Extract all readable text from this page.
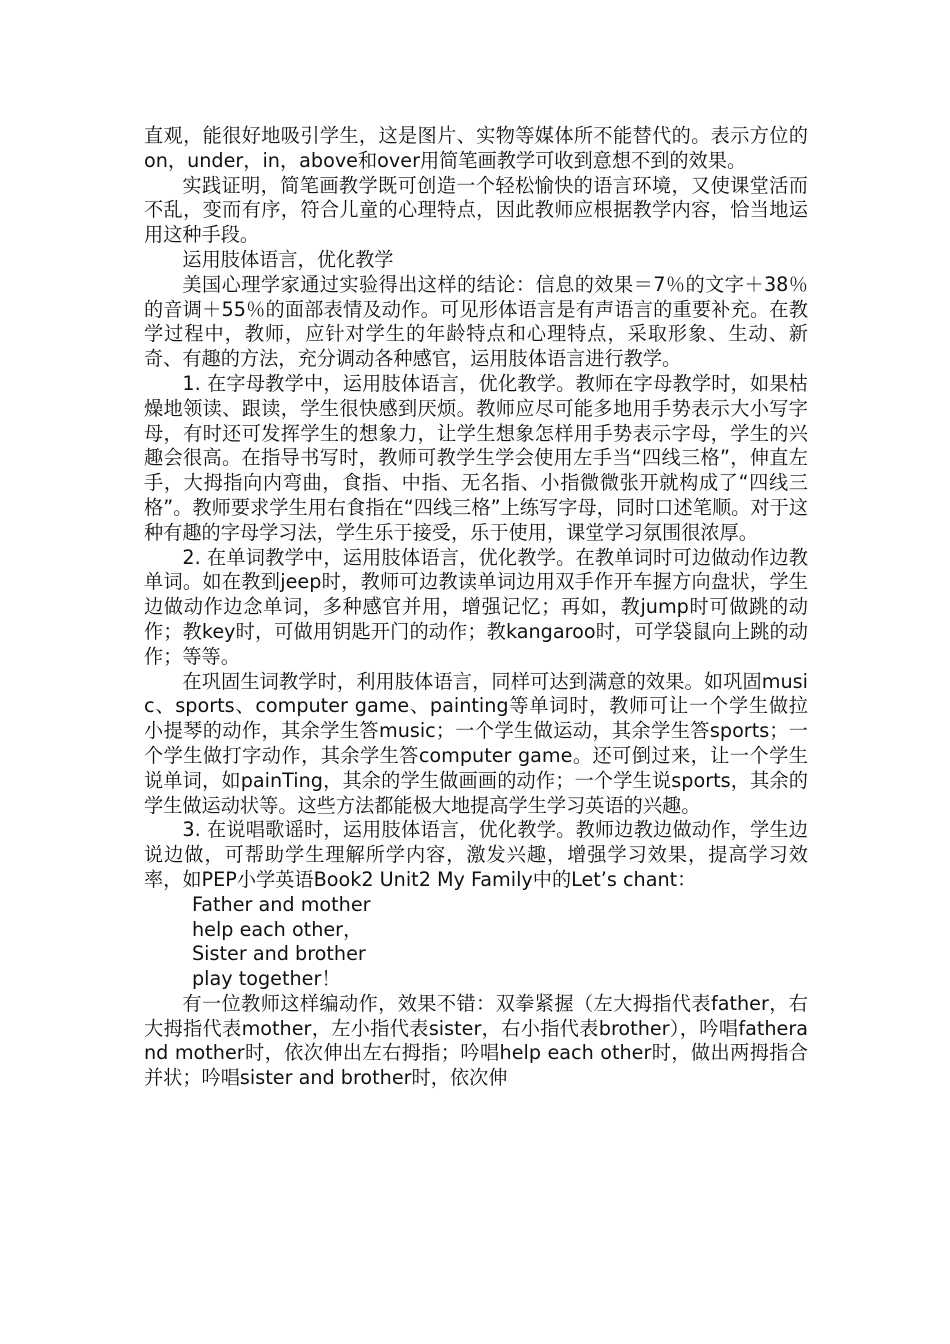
直观，能很好地吸引学生，这是图片、实物等媒体所不能替代的。表示方位的on，under，in，above和over用简笔画教学可收到意想不到的效果。

实践证明，简笔画教学既可创造一个轻松愉快的语言环境，又使课堂活而不乱，变而有序，符合儿童的心理特点，因此教师应根据教学内容，恰当地运用这种手段。

运用肢体语言，优化教学

美国心理学家通过实验得出这样的结论：信息的效果＝7％的文字＋38％的音调＋55％的面部表情及动作。可见形体语言是有声语言的重要补充。在教学过程中，教师，应针对学生的年龄特点和心理特点，采取形象、生动、新奇、有趣的方法，充分调动各种感官，运用肢体语言进行教学。

1. 在字母教学中，运用肢体语言，优化教学。教师在字母教学时，如果枯燥地领读、跟读，学生很快感到厌烦。教师应尽可能多地用手势表示大小写字母，有时还可发挥学生的想象力，让学生想象怎样用手势表示字母，学生的兴趣会很高。在指导书写时，教师可教学生学会使用左手当“四线三格”，伸直左手，大拇指向内弯曲，食指、中指、无名指、小指微微张开就构成了“四线三格”。教师要求学生用右食指在“四线三格”上练写字母，同时口述笔顺。对于这种有趣的字母学习法，学生乐于接受，乐于使用，课堂学习氛围很浓厚。

2. 在单词教学中，运用肢体语言，优化教学。在教单词时可边做动作边教单词。如在教到jeep时，教师可边教读单词边用双手作开车握方向盘状，学生边做动作边念单词，多种感官并用，增强记忆；再如，教jump时可做跳的动作；教key时，可做用钥匙开门的动作；教kangaroo时，可学袋鼠向上跳的动作；等等。

在巩固生词教学时，利用肢体语言，同样可达到满意的效果。如巩固music、sports、computer game、painting等单词时，教师可让一个学生做拉小提琴的动作，其余学生答music；一个学生做运动，其余学生答sports；一个学生做打字动作，其余学生答computer game。还可倒过来，让一个学生说单词，如painTing，其余的学生做画画的动作；一个学生说sports，其余的学生做运动状等。这些方法都能极大地提高学生学习英语的兴趣。

3. 在说唱歌谣时，运用肢体语言，优化教学。教师边教边做动作，学生边说边做，可帮助学生理解所学内容，激发兴趣，增强学习效果，提高学习效率，如PEP小学英语Book2 Unit2 My Family中的Let’s chant：

Father and mother

help each other，

Sister and brother

play together！

有一位教师这样编动作，效果不错：双拳紧握（左大拇指代表father，右大拇指代表mother，左小指代表sister，右小指代表brother），吟唱fatherand mother时，依次伸出左右拇指；吟唱help each other时，做出两拇指合并状；吟唱sister and brother时，依次伸
